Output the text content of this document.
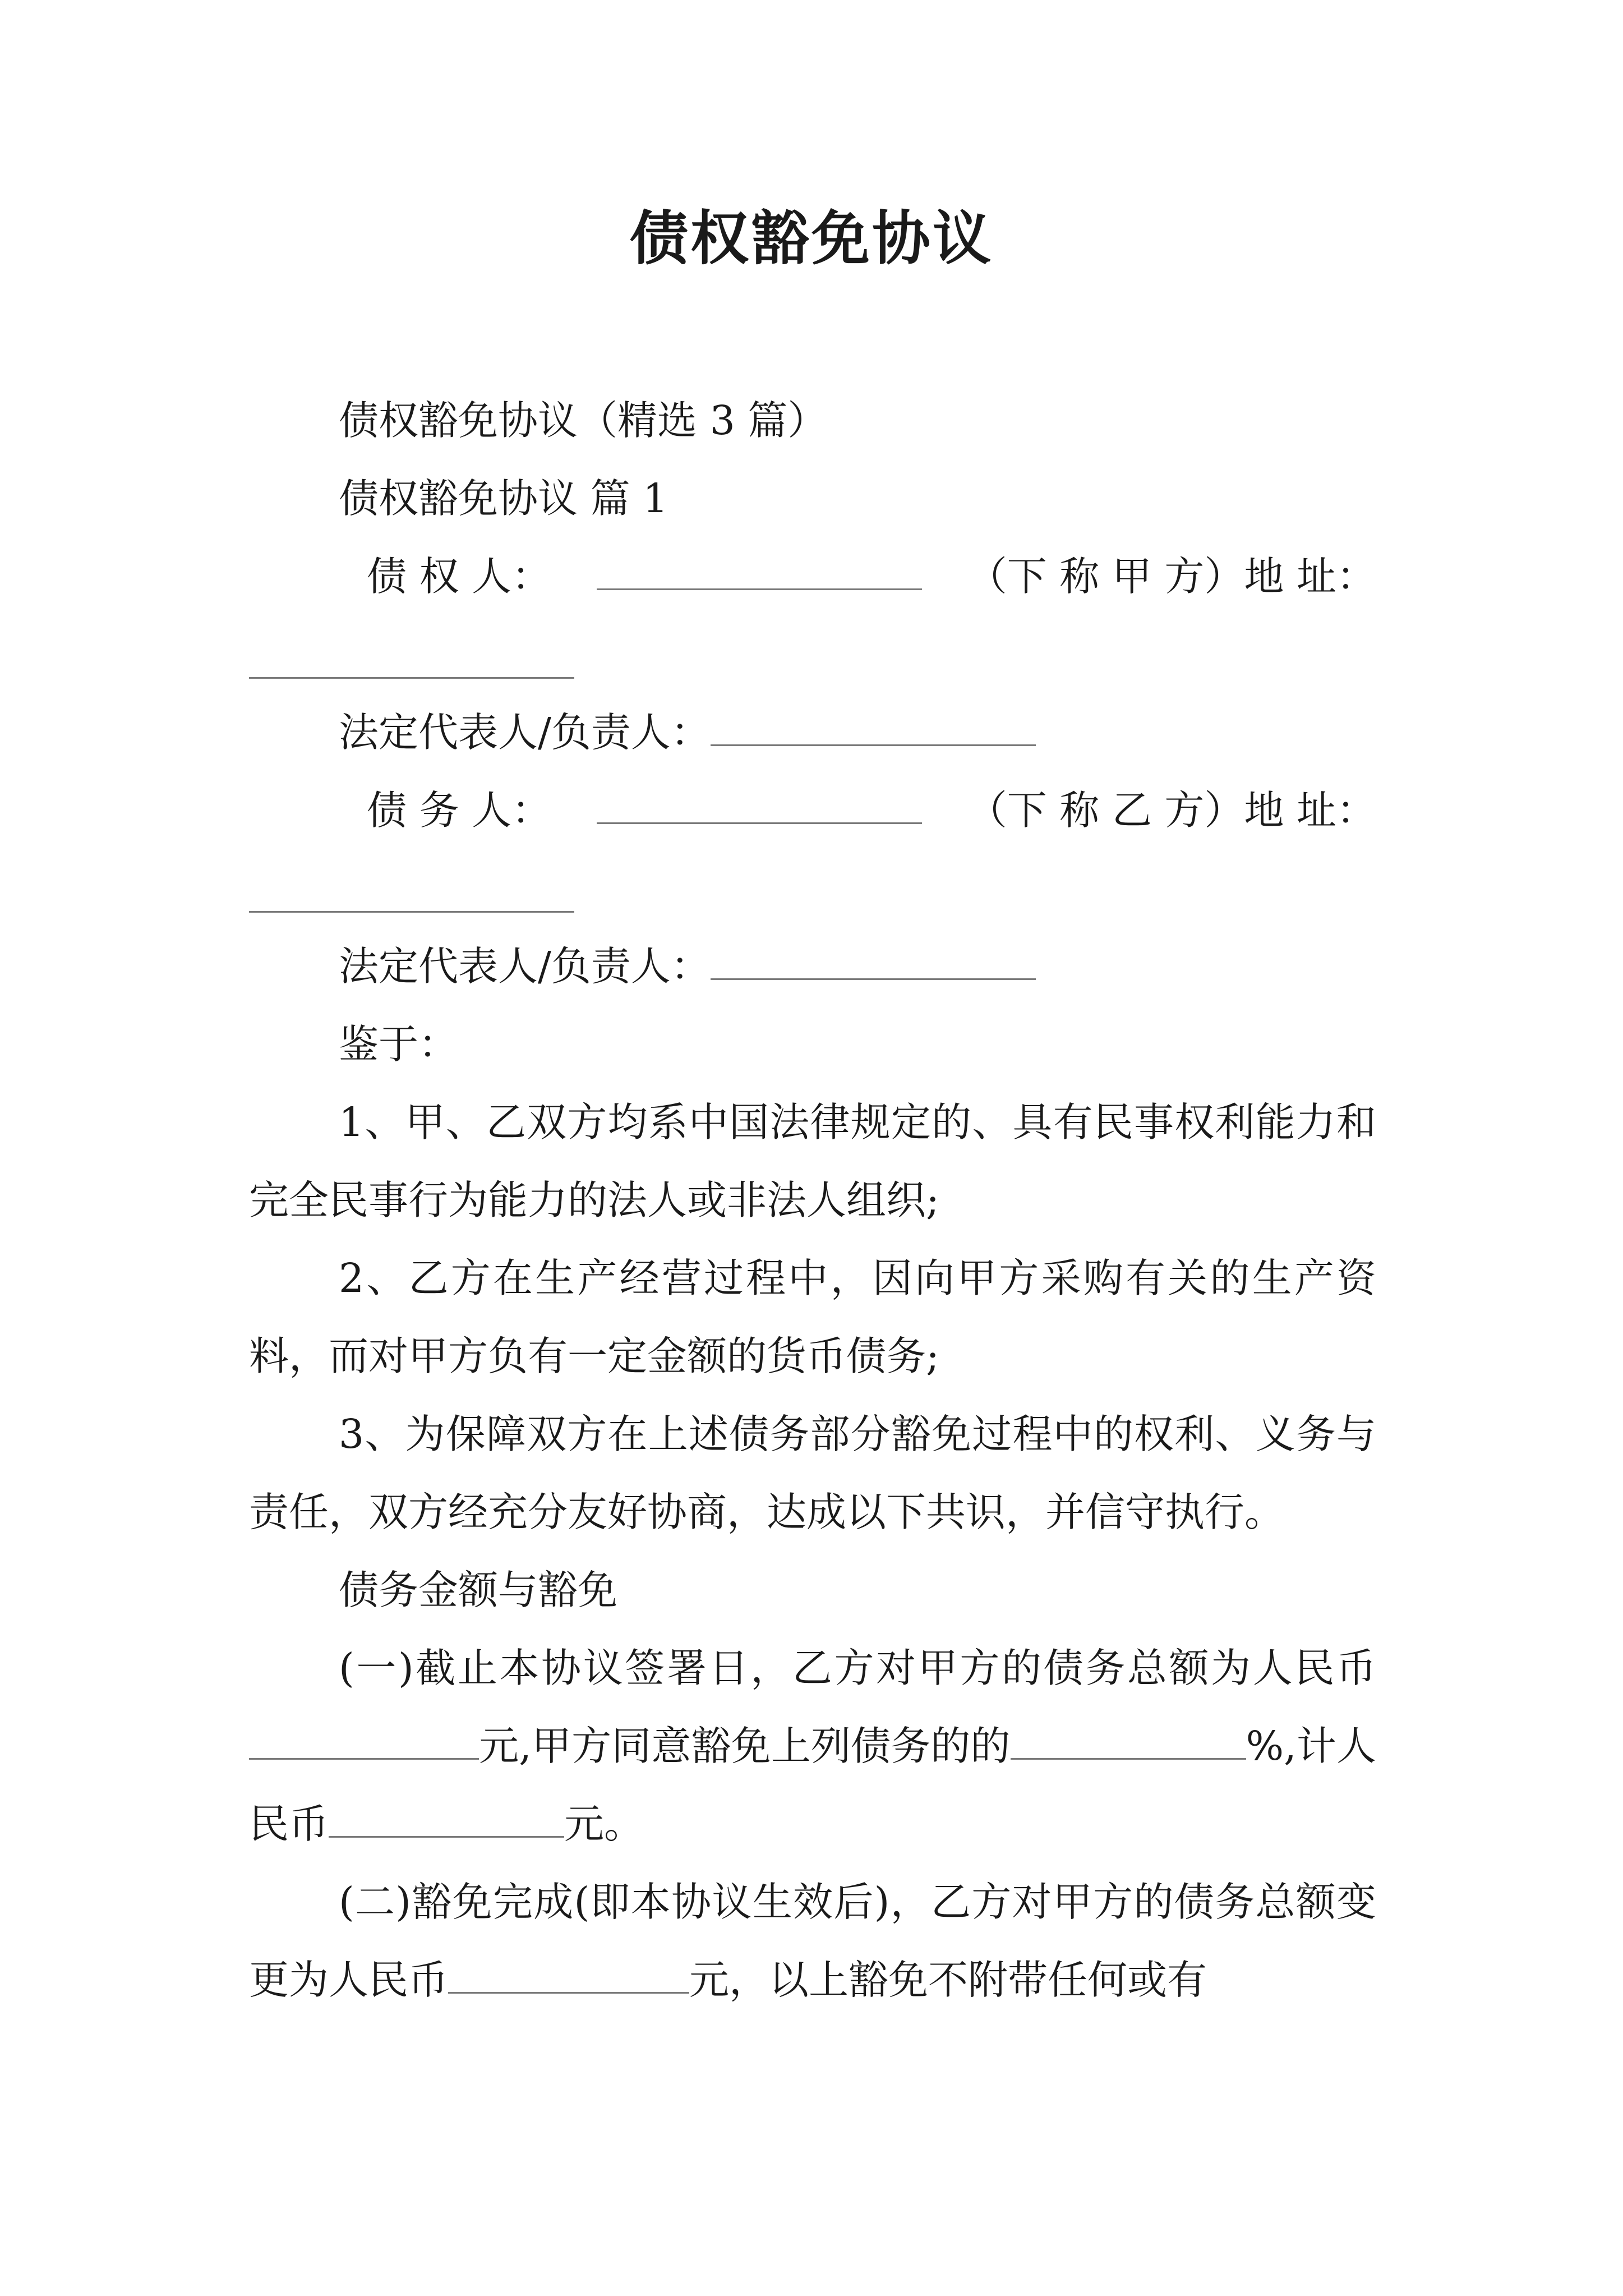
债权豁免协议

债权豁免协议（精选 3 篇）

债权豁免协议 篇 1

债 权 人：	（下 称 甲 方）地 址：

法定代表人/负责人：

债 务 人：	（下 称 乙 方）地 址：

法定代表人/负责人：

鉴于：

1、甲、乙双方均系中国法律规定的、具有民事权利能力和完全民事行为能力的法人或非法人组织;

2、乙方在生产经营过程中，因向甲方采购有关的生产资料，而对甲方负有一定金额的货币债务;

3、为保障双方在上述债务部分豁免过程中的权利、义务与责任，双方经充分友好协商，达成以下共识，并信守执行。

债务金额与豁免

(一)截止本协议签署日，乙方对甲方的债务总额为人民币元,甲方同意豁免上列债务的的	%,计人民币	元。

(二)豁免完成(即本协议生效后)，乙方对甲方的债务总额变更为人民币	元，以上豁免不附带任何或有
